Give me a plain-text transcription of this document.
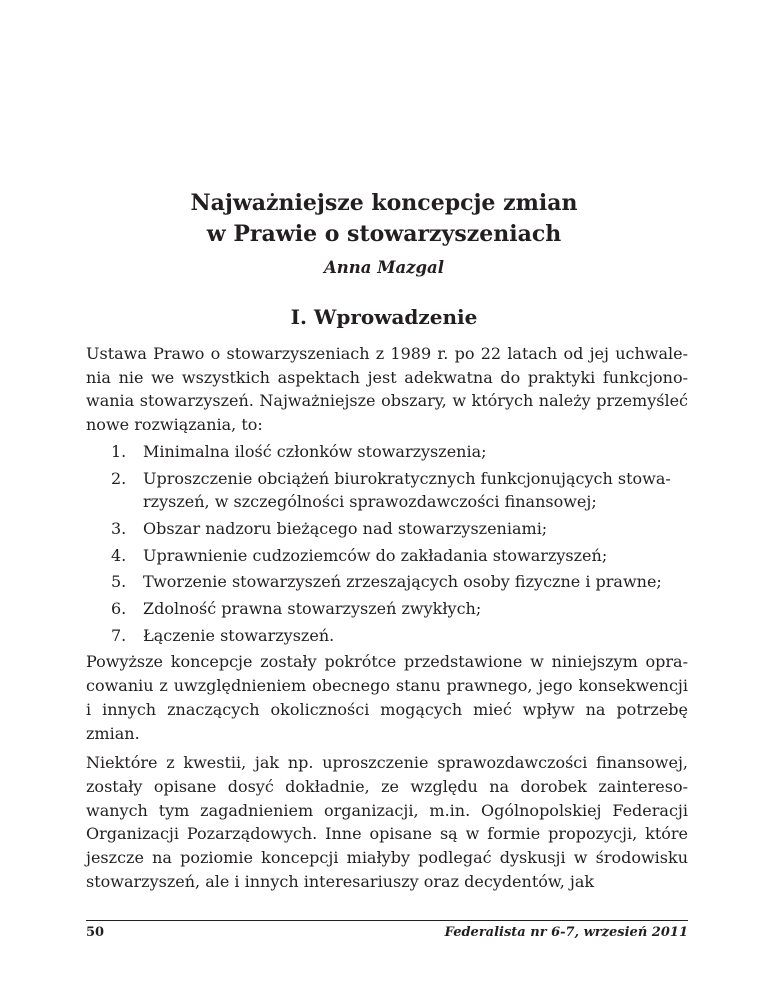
Najważniejsze koncepcje zmian
w Prawie o stowarzyszeniach
Anna Mazgal
I. Wprowadzenie

Ustawa Prawo o stowarzyszeniach z 1989 r. po 22 latach od jej uchwalenia nie we wszystkich aspektach jest adekwatna do praktyki funkcjonowania stowarzyszeń. Najważniejsze obszary, w których należy przemyśleć nowe rozwiązania, to:

1. Minimalna ilość członków stowarzyszenia;
2. Uproszczenie obciążeń biurokratycznych funkcjonujących stowarzyszeń, w szczególności sprawozdawczości finansowej;
3. Obszar nadzoru bieżącego nad stowarzyszeniami;
4. Uprawnienie cudzoziemców do zakładania stowarzyszeń;
5. Tworzenie stowarzyszeń zrzeszających osoby fizyczne i prawne;
6. Zdolność prawna stowarzyszeń zwykłych;
7. Łączenie stowarzyszeń.

Powyższe koncepcje zostały pokrótce przedstawione w niniejszym opracowaniu z uwzględnieniem obecnego stanu prawnego, jego konsekwencji i innych znaczących okoliczności mogących mieć wpływ na potrzebę zmian.

Niektóre z kwestii, jak np. uproszczenie sprawozdawczości finansowej, zostały opisane dosyć dokładnie, ze względu na dorobek zainteresowanych tym zagadnieniem organizacji, m.in. Ogólnopolskiej Federacji Organizacji Pozarządowych. Inne opisane są w formie propozycji, które jeszcze na poziomie koncepcji miałyby podlegać dyskusji w środowisku stowarzyszeń, ale i innych interesariuszy oraz decydentów, jak

50	Federalista nr 6-7, wrzesień 2011
